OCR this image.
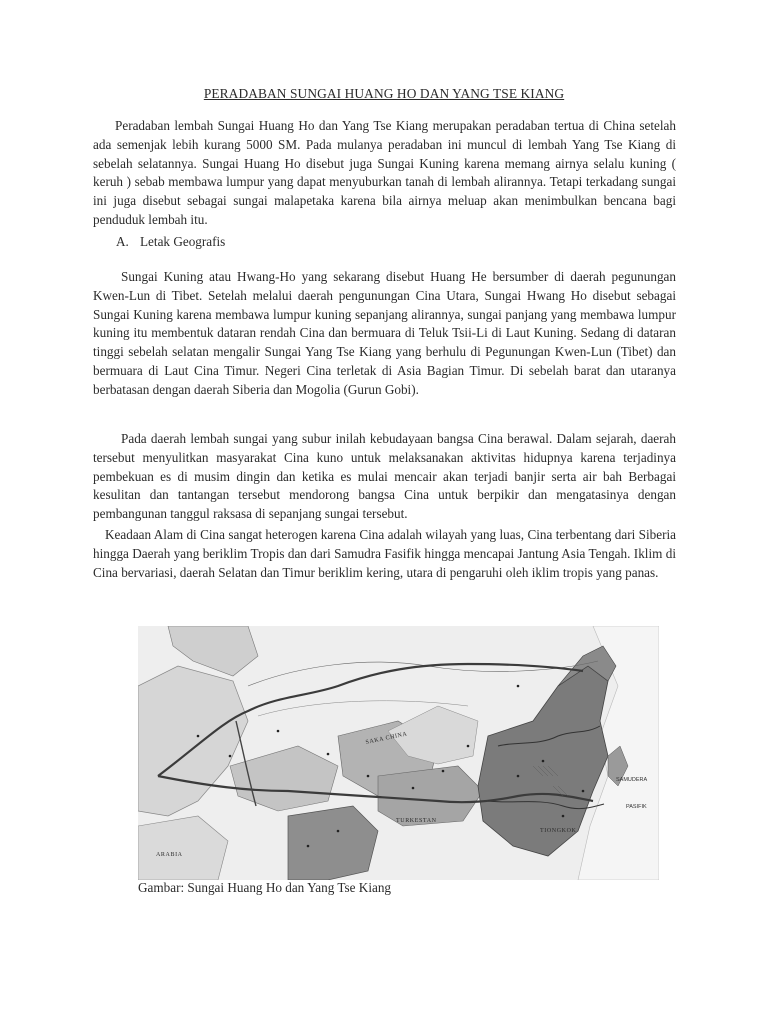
PERADABAN SUNGAI HUANG HO DAN YANG TSE KIANG

Peradaban lembah Sungai Huang Ho dan Yang Tse Kiang merupakan peradaban tertua di China setelah ada semenjak lebih kurang 5000 SM. Pada mulanya peradaban ini muncul di lembah Yang Tse Kiang di sebelah selatannya. Sungai Huang Ho disebut juga Sungai Kuning karena memang airnya selalu kuning ( keruh ) sebab membawa lumpur yang dapat menyuburkan tanah di lembah alirannya. Tetapi terkadang sungai ini juga disebut sebagai sungai malapetaka karena bila airnya meluap akan menimbulkan bencana bagi penduduk lembah itu.

A. Letak Geografis

Sungai Kuning atau Hwang-Ho yang sekarang disebut Huang He bersumber di daerah pegunungan Kwen-Lun di Tibet. Setelah melalui daerah pengunungan Cina Utara, Sungai Hwang Ho disebut sebagai Sungai Kuning karena membawa lumpur kuning sepanjang alirannya, sungai panjang yang membawa lumpur kuning itu membentuk dataran rendah Cina dan bermuara di Teluk Tsii-Li di Laut Kuning. Sedang di dataran tinggi sebelah selatan mengalir Sungai Yang Tse Kiang yang berhulu di Pegunungan Kwen-Lun (Tibet) dan bermuara di Laut Cina Timur. Negeri Cina terletak di Asia Bagian Timur. Di sebelah barat dan utaranya berbatasan dengan daerah Siberia dan Mogolia (Gurun Gobi).

Pada daerah lembah sungai yang subur inilah kebudayaan bangsa Cina berawal. Dalam sejarah, daerah tersebut menyulitkan masyarakat Cina kuno untuk melaksanakan aktivitas hidupnya karena terjadinya pembekuan es di musim dingin dan ketika es mulai mencair akan terjadi banjir serta air bah Berbagai kesulitan dan tantangan tersebut mendorong bangsa Cina untuk berpikir dan mengatasinya dengan pembangunan tanggul raksasa di sepanjang sungai tersebut.

Keadaan Alam di Cina sangat heterogen karena Cina adalah wilayah yang luas, Cina terbentang dari Siberia hingga Daerah yang beriklim Tropis dan dari Samudra Fasifik hingga mencapai Jantung Asia Tengah. Iklim di Cina bervariasi, daerah Selatan dan Timur beriklim kering, utara di pengaruhi oleh iklim tropis yang panas.

SAKA CHINA
TURKESTAN
ARABIA
SAMUDERA
PASIFIK
TIONGKOK

Gambar: Sungai Huang Ho dan Yang Tse Kiang
